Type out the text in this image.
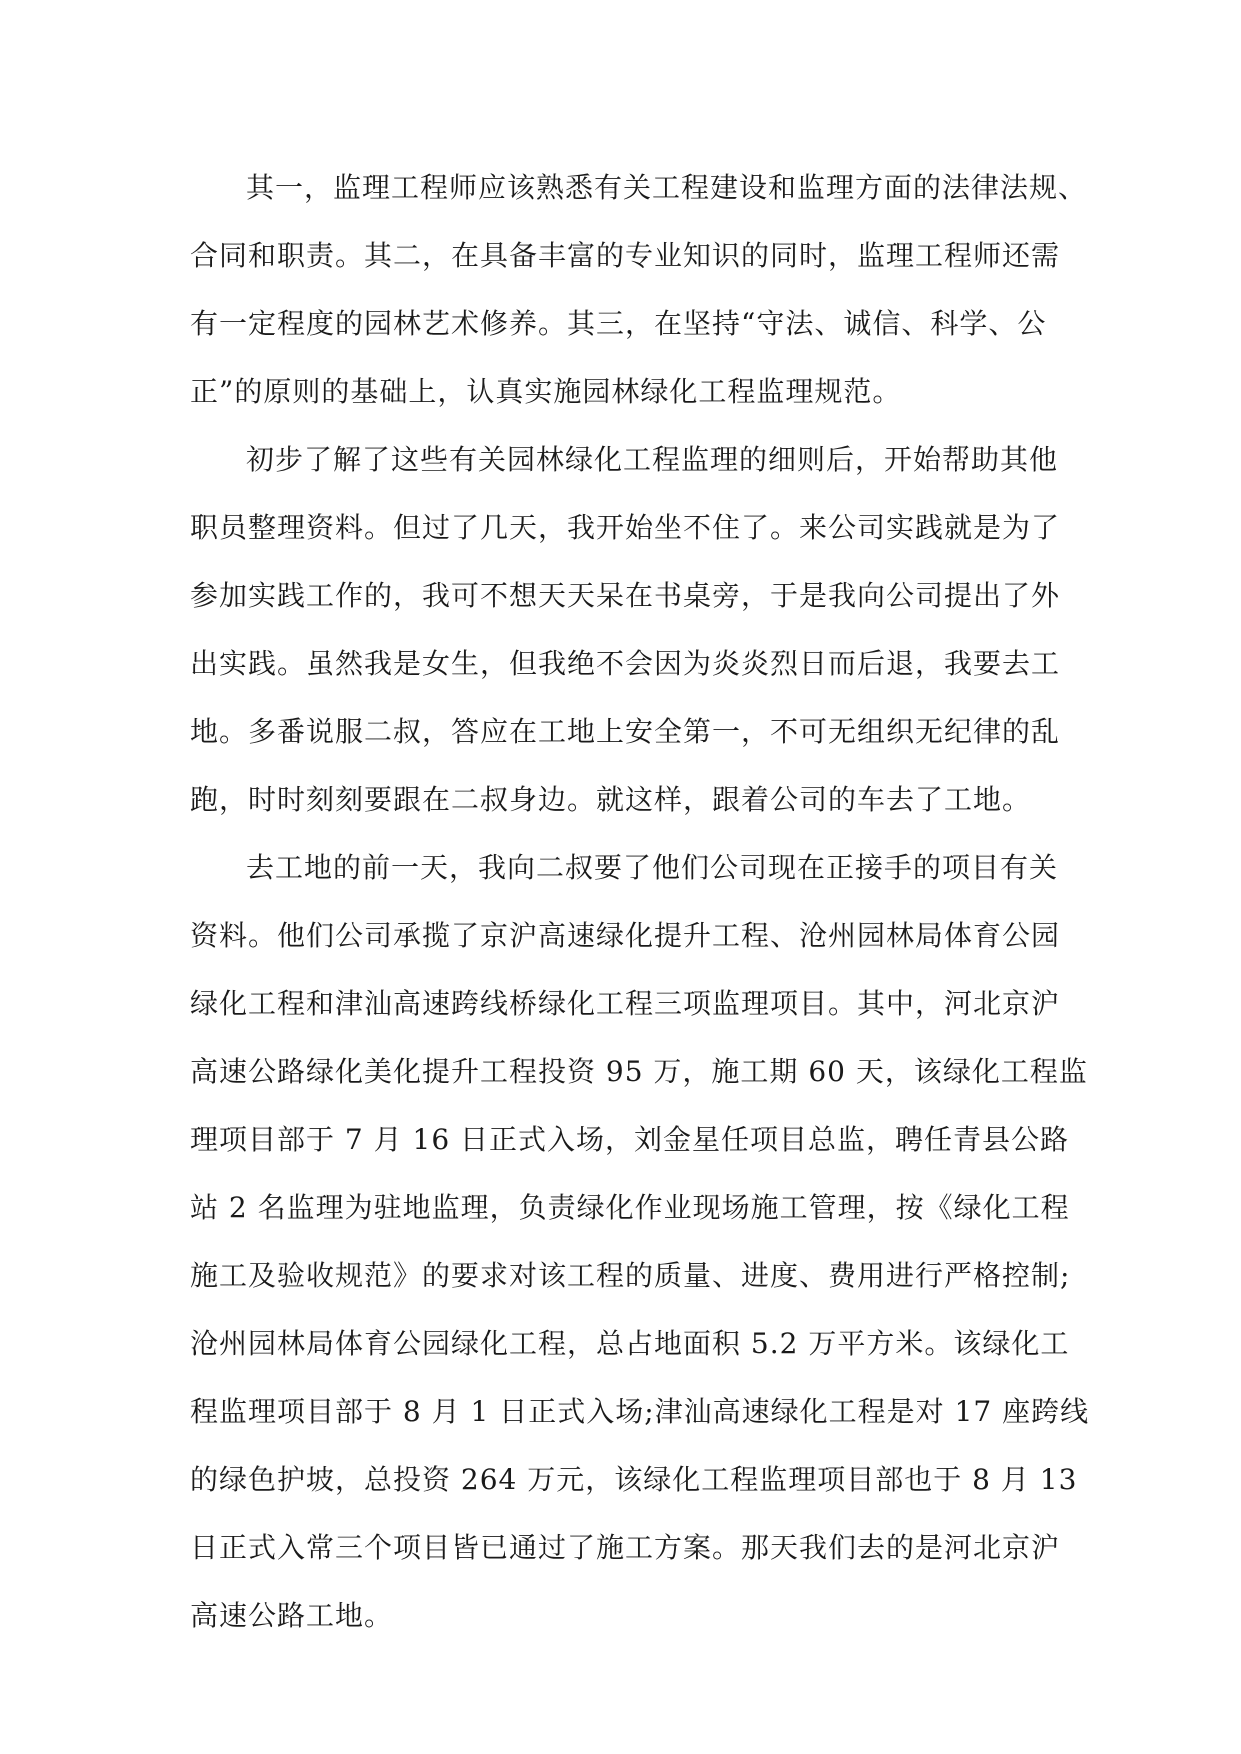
其一，监理工程师应该熟悉有关工程建设和监理方面的法律法规、
合同和职责。其二，在具备丰富的专业知识的同时，监理工程师还需
有一定程度的园林艺术修养。其三，在坚持“守法、诚信、科学、公
正”的原则的基础上，认真实施园林绿化工程监理规范。
初步了解了这些有关园林绿化工程监理的细则后，开始帮助其他
职员整理资料。但过了几天，我开始坐不住了。来公司实践就是为了
参加实践工作的，我可不想天天呆在书桌旁，于是我向公司提出了外
出实践。虽然我是女生，但我绝不会因为炎炎烈日而后退，我要去工
地。多番说服二叔，答应在工地上安全第一，不可无组织无纪律的乱
跑，时时刻刻要跟在二叔身边。就这样，跟着公司的车去了工地。
去工地的前一天，我向二叔要了他们公司现在正接手的项目有关
资料。他们公司承揽了京沪高速绿化提升工程、沧州园林局体育公园
绿化工程和津汕高速跨线桥绿化工程三项监理项目。其中，河北京沪
高速公路绿化美化提升工程投资 95 万，施工期 60 天，该绿化工程监
理项目部于 7 月 16 日正式入场，刘金星任项目总监，聘任青县公路
站 2 名监理为驻地监理，负责绿化作业现场施工管理，按《绿化工程
施工及验收规范》的要求对该工程的质量、进度、费用进行严格控制;
沧州园林局体育公园绿化工程，总占地面积 5.2 万平方米。该绿化工
程监理项目部于 8 月 1 日正式入场;津汕高速绿化工程是对 17 座跨线
的绿色护坡，总投资 264 万元，该绿化工程监理项目部也于 8 月 13
日正式入常三个项目皆已通过了施工方案。那天我们去的是河北京沪
高速公路工地。
